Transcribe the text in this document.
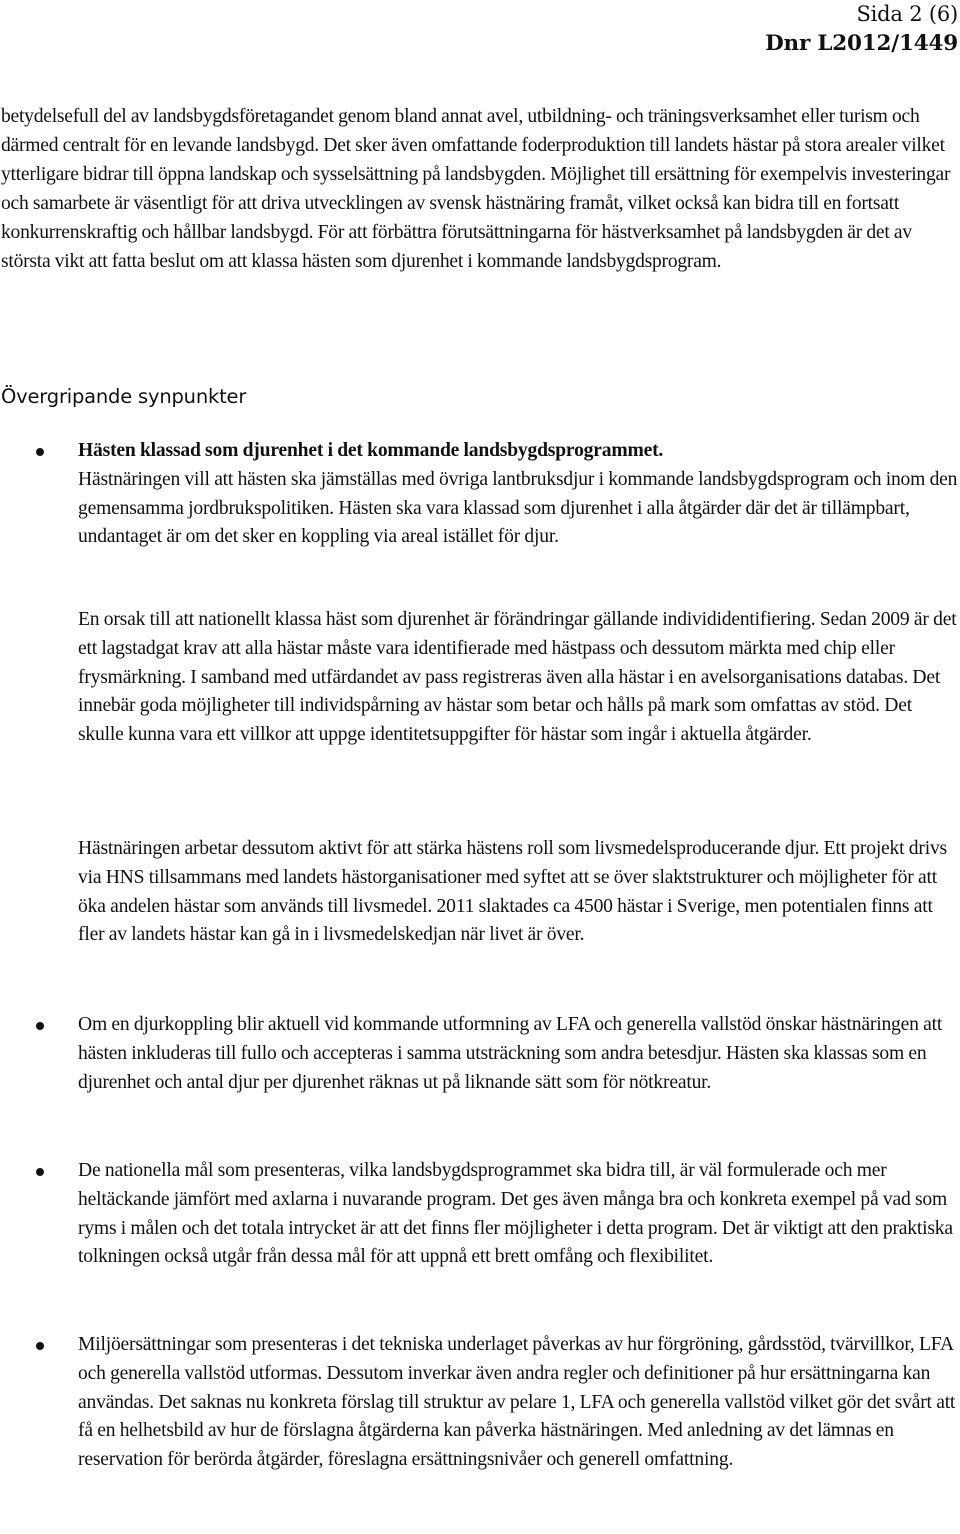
Sida 2 (6)
Dnr L2012/1449

betydelsefull del av landsbygdsföretagandet genom bland annat avel, utbildning- och träningsverksamhet eller turism och därmed centralt för en levande landsbygd. Det sker även omfattande foderproduktion till landets hästar på stora arealer vilket ytterligare bidrar till öppna landskap och sysselsättning på landsbygden. Möjlighet till ersättning för exempelvis investeringar och samarbete är väsentligt för att driva utvecklingen av svensk hästnäring framåt, vilket också kan bidra till en fortsatt konkurrenskraftig och hållbar landsbygd. För att förbättra förutsättningarna för hästverksamhet på landsbygden är det av största vikt att fatta beslut om att klassa hästen som djurenhet i kommande landsbygdsprogram.

Övergripande synpunkter

Hästen klassad som djurenhet i det kommande landsbygdsprogrammet.
Hästnäringen vill att hästen ska jämställas med övriga lantbruksdjur i kommande landsbygdsprogram och inom den gemensamma jordbrukspolitiken. Hästen ska vara klassad som djurenhet i alla åtgärder där det är tillämpbart, undantaget är om det sker en koppling via areal istället för djur.

En orsak till att nationellt klassa häst som djurenhet är förändringar gällande individidentifiering. Sedan 2009 är det ett lagstadgat krav att alla hästar måste vara identifierade med hästpass och dessutom märkta med chip eller frysmärkning. I samband med utfärdandet av pass registreras även alla hästar i en avelsorganisations databas. Det innebär goda möjligheter till individspårning av hästar som betar och hålls på mark som omfattas av stöd. Det skulle kunna vara ett villkor att uppge identitetsuppgifter för hästar som ingår i aktuella åtgärder.

Hästnäringen arbetar dessutom aktivt för att stärka hästens roll som livsmedelsproducerande djur. Ett projekt drivs via HNS tillsammans med landets hästorganisationer med syftet att se över slaktstrukturer och möjligheter för att öka andelen hästar som används till livsmedel. 2011 slaktades ca 4500 hästar i Sverige, men potentialen finns att fler av landets hästar kan gå in i livsmedelskedjan när livet är över.

Om en djurkoppling blir aktuell vid kommande utformning av LFA och generella vallstöd önskar hästnäringen att hästen inkluderas till fullo och accepteras i samma utsträckning som andra betesdjur. Hästen ska klassas som en djurenhet och antal djur per djurenhet räknas ut på liknande sätt som för nötkreatur.

De nationella mål som presenteras, vilka landsbygdsprogrammet ska bidra till, är väl formulerade och mer heltäckande jämfört med axlarna i nuvarande program. Det ges även många bra och konkreta exempel på vad som ryms i målen och det totala intrycket är att det finns fler möjligheter i detta program. Det är viktigt att den praktiska tolkningen också utgår från dessa mål för att uppnå ett brett omfång och flexibilitet.

Miljöersättningar som presenteras i det tekniska underlaget påverkas av hur förgröning, gårdsstöd, tvärvillkor, LFA och generella vallstöd utformas. Dessutom inverkar även andra regler och definitioner på hur ersättningarna kan användas. Det saknas nu konkreta förslag till struktur av pelare 1, LFA och generella vallstöd vilket gör det svårt att få en helhetsbild av hur de förslagna åtgärderna kan påverka hästnäringen. Med anledning av det lämnas en reservation för berörda åtgärder, föreslagna ersättningsnivåer och generell omfattning.
